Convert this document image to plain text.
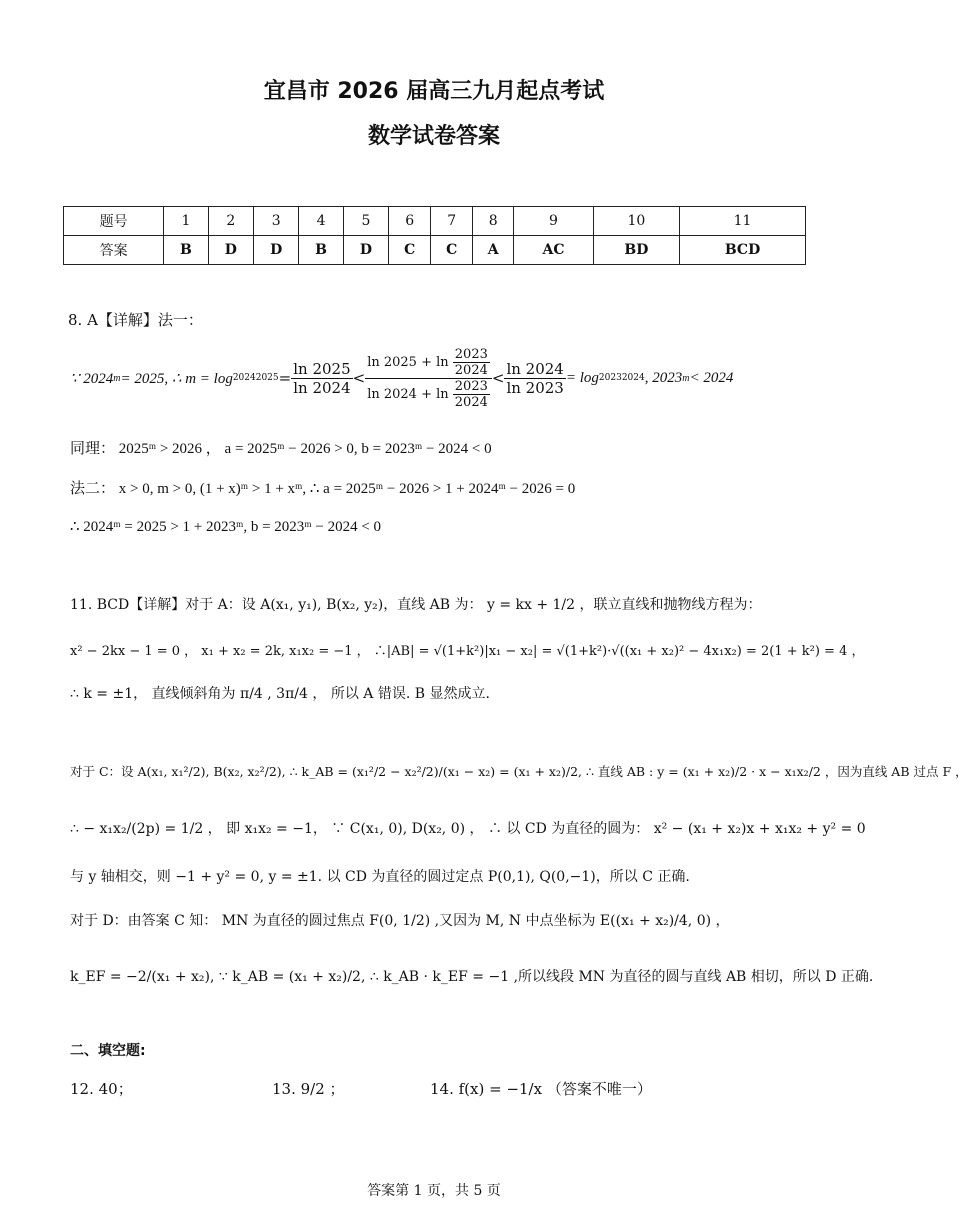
宜昌市 2026 届高三九月起点考试
数学试卷答案
题号	1	2	3	4	5	6	7	8	9	10	11
答案	B	D	D	B	D	C	C	A	AC	BD	BCD
8. A【详解】法一：
∵ 2024 m = 2025, ∴ m = log 2024 $2025 = \frac{\ln 2025}{\ln 2024}$ <
$\ln 2025 + \ln \frac{2023}{2024}$
$\ln 2024 + \ln \frac{2023}{2024}$
< $\frac{\ln 2024}{\ln 2023} = \log 2023$ 2024 , 2023 m < 2024
同理： 2025ᵐ > 2026 ， a = 2025ᵐ − 2026 > 0, b = 2023ᵐ − 2024 < 0
法二： x > 0, m > 0, (1 + x)ᵐ > 1 + xᵐ, ∴ a = 2025ᵐ − 2026 > 1 + 2024ᵐ − 2026 = 0
∴ 2024ᵐ = 2025 > 1 + 2023ᵐ, b = 2023ᵐ − 2024 < 0
11. BCD【详解】对于 A：设 A(x₁, y₁), B(x₂, y₂)，直线 AB 为： y = kx + 1/2 ，联立直线和抛物线方程为：
x² − 2kx − 1 = 0 ， x₁ + x₂ = 2k, x₁x₂ = −1 ， ∴|AB| = √(1+k²)|x₁ − x₂| = √(1+k²)·√((x₁ + x₂)² − 4x₁x₂) = 2(1 + k²) = 4 ，
∴ k = ±1， 直线倾斜角为 π/4 , 3π/4 ， 所以 A 错误. B 显然成立.
对于 C：设 A(x₁, x₁²/2), B(x₂, x₂²/2), ∴ k_AB = (x₁²/2 − x₂²/2)/(x₁ − x₂) = (x₁ + x₂)/2, ∴ 直线 AB : y = (x₁ + x₂)/2 · x − x₁x₂/2 ，因为直线 AB 过点 F ，
∴ − x₁x₂/(2p) = 1/2 ， 即 x₁x₂ = −1， ∵ C(x₁, 0), D(x₂, 0) ， ∴ 以 CD 为直径的圆为： x² − (x₁ + x₂)x + x₁x₂ + y² = 0
与 y 轴相交，则 −1 + y² = 0, y = ±1. 以 CD 为直径的圆过定点 P(0,1), Q(0,−1)，所以 C 正确.
对于 D：由答案 C 知： MN 为直径的圆过焦点 F(0, 1/2) ,又因为 M, N 中点坐标为 E((x₁ + x₂)/4, 0) ，
k_EF = −2/(x₁ + x₂), ∵ k_AB = (x₁ + x₂)/2, ∴ k_AB · k_EF = −1 ,所以线段 MN 为直径的圆与直线 AB 相切，所以 D 正确.
二、填空题:
12. 40；	13. 9/2 ；	14. f(x) = −1/x （答案不唯一）
答案第 1 页，共 5 页
